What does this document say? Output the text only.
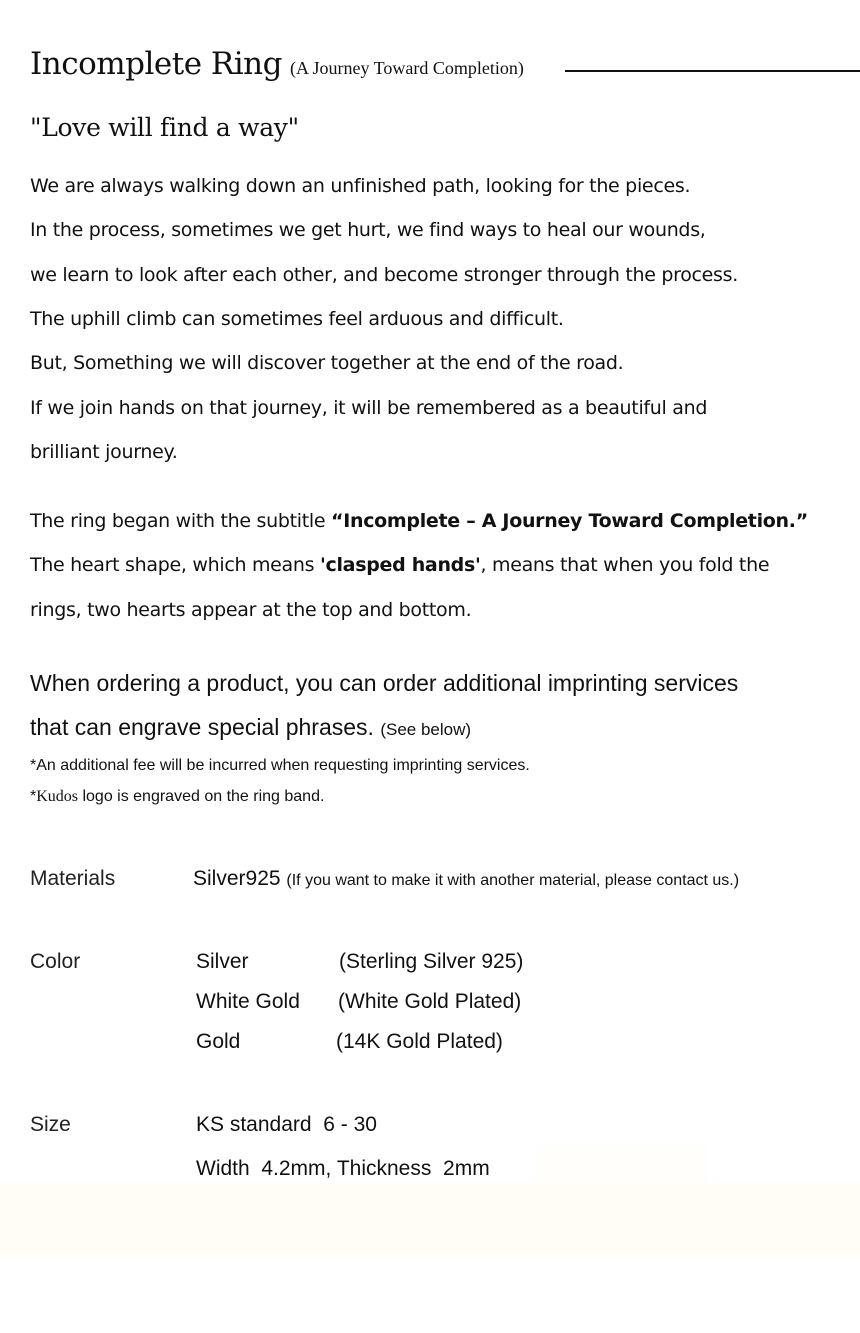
Incomplete Ring (A Journey Toward Completion)
"Love will find a way"
We are always walking down an unfinished path, looking for the pieces.
In the process, sometimes we get hurt, we find ways to heal our wounds,
we learn to look after each other, and become stronger through the process.
The uphill climb can sometimes feel arduous and difficult.
But, Something we will discover together at the end of the road.
If we join hands on that journey, it will be remembered as a beautiful and
brilliant journey.
The ring began with the subtitle “Incomplete – A Journey Toward Completion.”
The heart shape, which means 'clasped hands', means that when you fold the
rings, two hearts appear at the top and bottom.
When ordering a product, you can order additional imprinting services
that can engrave special phrases. (See below)
*An additional fee will be incurred when requesting imprinting services.
*Kudos logo is engraved on the ring band.
Materials	Silver925 (If you want to make it with another material, please contact us.)
Color	Silver	(Sterling Silver 925)
White Gold (White Gold Plated)
Gold	(14K Gold Plated)
Size	KS standard  6 - 30
Width  4.2mm, Thickness  2mm
